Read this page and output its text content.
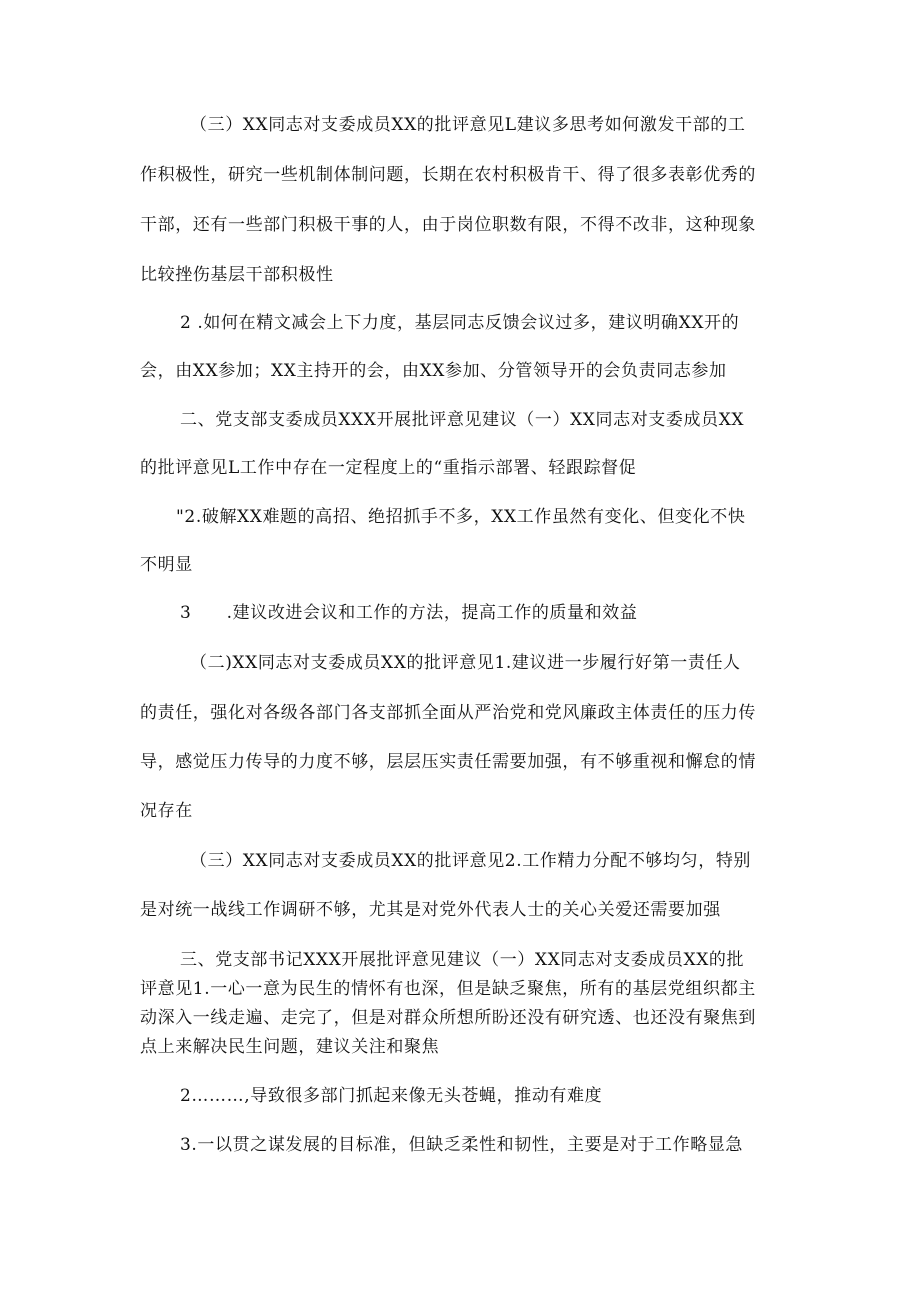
（三）XX同志对支委成员XX的批评意见L建议多思考如何激发干部的工
作积极性，研究一些机制体制问题，长期在农村积极肯干、得了很多表彰优秀的
干部，还有一些部门积极干事的人，由于岗位职数有限，不得不改非，这种现象
比较挫伤基层干部积极性
2 .如何在精文减会上下力度，基层同志反馈会议过多，建议明确XX开的
会，由XX参加；XX主持开的会，由XX参加、分管领导开的会负责同志参加
二、党支部支委成员XXX开展批评意见建议（一）XX同志对支委成员XX
的批评意见L工作中存在一定程度上的“重指示部署、轻跟踪督促
"2.破解XX难题的高招、绝招抓手不多，XX工作虽然有变化、但变化不快
不明显
3　　.建议改进会议和工作的方法，提高工作的质量和效益
（二)XX同志对支委成员XX的批评意见1.建议进一步履行好第一责任人
的责任，强化对各级各部门各支部抓全面从严治党和党风廉政主体责任的压力传
导，感觉压力传导的力度不够，层层压实责任需要加强，有不够重视和懈怠的情
况存在
（三）XX同志对支委成员XX的批评意见2.工作精力分配不够均匀，特别
是对统一战线工作调研不够，尤其是对党外代表人士的关心关爱还需要加强
三、党支部书记XXX开展批评意见建议（一）XX同志对支委成员XX的批
评意见1.一心一意为民生的情怀有也深，但是缺乏聚焦，所有的基层党组织都主
动深入一线走遍、走完了，但是对群众所想所盼还没有研究透、也还没有聚焦到
点上来解决民生问题，建议关注和聚焦
2………,导致很多部门抓起来像无头苍蝇，推动有难度
3.一以贯之谋发展的目标准，但缺乏柔性和韧性，主要是对于工作略显急
